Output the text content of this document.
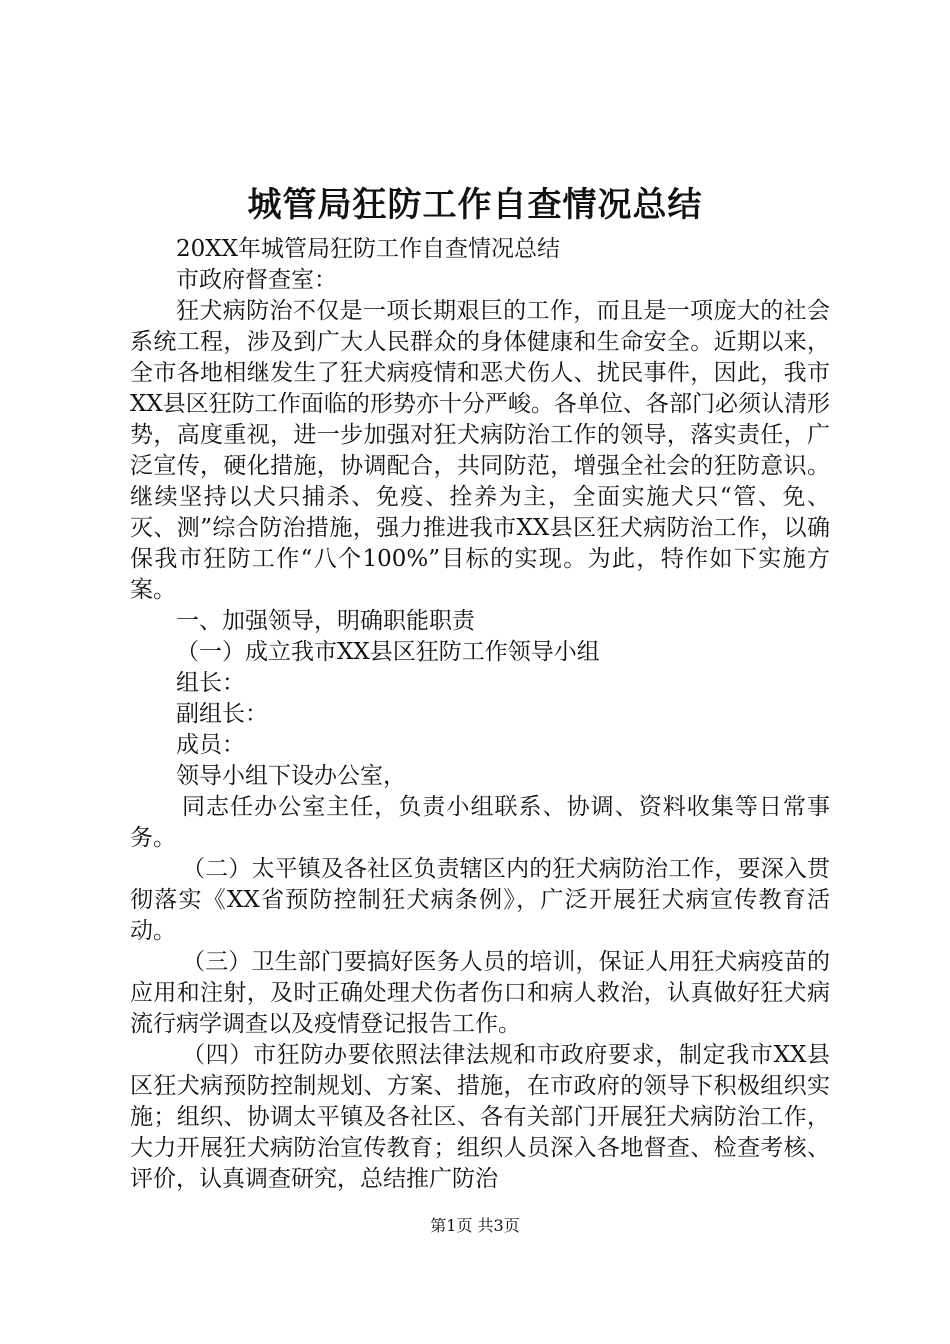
城管局狂防工作自查情况总结

20XX年城管局狂防工作自查情况总结

市政府督查室：

狂犬病防治不仅是一项长期艰巨的工作，而且是一项庞大的社会系统工程，涉及到广大人民群众的身体健康和生命安全。近期以来，全市各地相继发生了狂犬病疫情和恶犬伤人、扰民事件，因此，我市XX县区狂防工作面临的形势亦十分严峻。各单位、各部门必须认清形势，高度重视，进一步加强对狂犬病防治工作的领导，落实责任，广泛宣传，硬化措施，协调配合，共同防范，增强全社会的狂防意识。继续坚持以犬只捕杀、免疫、拴养为主，全面实施犬只“管、免、灭、测”综合防治措施，强力推进我市XX县区狂犬病防治工作，以确保我市狂防工作“八个100%”目标的实现。为此，特作如下实施方案。

一、加强领导，明确职能职责

（一）成立我市XX县区狂防工作领导小组

组长：

副组长：

成员：

领导小组下设办公室，

同志任办公室主任，负责小组联系、协调、资料收集等日常事务。

（二）太平镇及各社区负责辖区内的狂犬病防治工作，要深入贯彻落实《XX省预防控制狂犬病条例》，广泛开展狂犬病宣传教育活动。

（三）卫生部门要搞好医务人员的培训，保证人用狂犬病疫苗的应用和注射，及时正确处理犬伤者伤口和病人救治，认真做好狂犬病流行病学调查以及疫情登记报告工作。

（四）市狂防办要依照法律法规和市政府要求，制定我市XX县区狂犬病预防控制规划、方案、措施，在市政府的领导下积极组织实施；组织、协调太平镇及各社区、各有关部门开展狂犬病防治工作，大力开展狂犬病防治宣传教育；组织人员深入各地督查、检查考核、评价，认真调查研究，总结推广防治

第1页 共3页
